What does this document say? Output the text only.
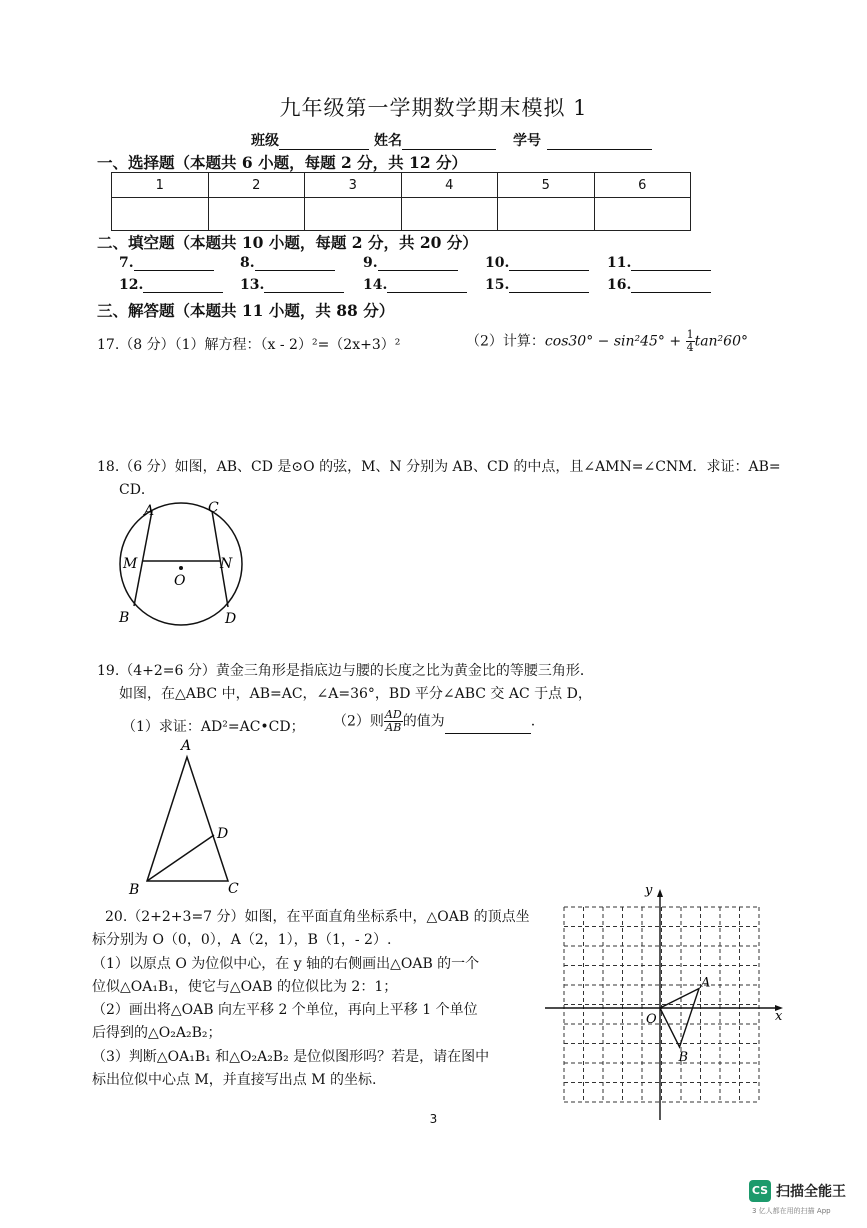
九年级第一学期数学期末模拟 1
班级	姓名	学号
一、选择题（本题共 6 小题，每题 2 分，共 12 分）
1	2	3	4	5	6

二、填空题（本题共 10 小题，每题 2 分，共 20 分）
7.	8.	9.	10.	11.
12.	13.	14.	15.	16.
三、解答题（本题共 11 小题，共 88 分）
17.（8 分）（1）解方程：（x - 2）²=（2x+3）²	（2）计算：$\cos 30^\circ - \sin^245^\circ + \frac{1}{4} \tan^260^\circ$
18.（6 分）如图，AB、CD 是⊙O 的弦，M、N 分别为 AB、CD 的中点，且∠AMN=∠CNM．求证：AB=
CD．
A	C
M	N
O
B	D
19.（4+2=6 分）黄金三角形是指底边与腰的长度之比为黄金比的等腰三角形．
如图，在△ABC 中，AB=AC，∠A=36°，BD 平分∠ABC 交 AC 于点 D，
（1）求证：AD²=AC•CD； （2）则 $\frac{AD}{AB}$ 的值为	.
A
D
B	C
20.（2+2+3=7 分）如图，在平面直角坐标系中，△OAB 的顶点坐
标分别为 O（0，0），A（2，1），B（1，- 2）.
（1）以原点 O 为位似中心，在 y 轴的右侧画出△OAB 的一个
位似△OA₁B₁，使它与△OAB 的位似比为 2：1；
（2）画出将△OAB 向左平移 2 个单位，再向上平移 1 个单位
后得到的△O₂A₂B₂；
（3）判断△OA₁B₁ 和△O₂A₂B₂ 是位似图形吗？若是，请在图中
标出位似中心点 M，并直接写出点 M 的坐标.
x
y
O
A
B
3
CS 扫描全能王
3 亿人都在用的扫描 App
